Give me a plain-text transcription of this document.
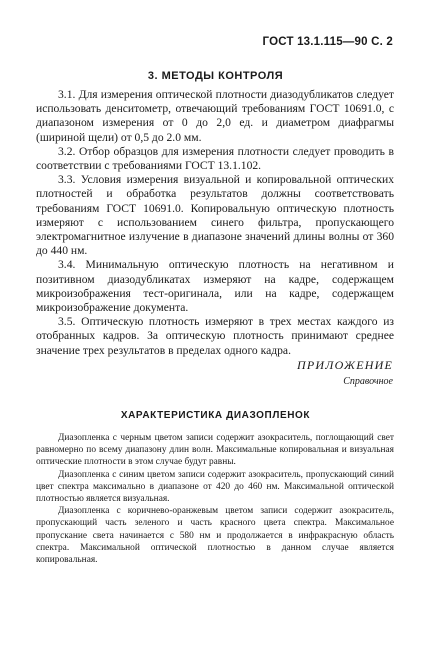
ГОСТ 13.1.115—90 С. 2
3. МЕТОДЫ КОНТРОЛЯ

3.1. Для измерения оптической плотности диазодубликатов следует использовать денситометр, отвечающий требованиям ГОСТ 10691.0, с диапазоном измерения от 0 до 2,0 ед. и диаметром диафрагмы (шириной щели) от 0,5 до 2.0 мм.

3.2. Отбор образцов для измерения плотности следует проводить в соответствии с требованиями ГОСТ 13.1.102.

3.3. Условия измерения визуальной и копировальной оптических плотностей и обработка результатов должны соответствовать требованиям ГОСТ 10691.0. Копировальную оптическую плотность измеряют с использованием синего фильтра, пропускающего электромагнитное излучение в диапазоне значений длины волны от 360 до 440 нм.

3.4. Минимальную оптическую плотность на негативном и позитивном диазодубликатах измеряют на кадре, содержащем микроизображения тест-оригинала, или на кадре, содержащем микроизображение документа.

3.5. Оптическую плотность измеряют в трех местах каждого из отобранных кадров. За оптическую плотность принимают среднее значение трех результатов в пределах одного кадра.

ПРИЛОЖЕНИЕ
Справочное
ХАРАКТЕРИСТИКА ДИАЗОПЛЕНОК

Диазопленка с черным цветом записи содержит азокраситель, поглощающий свет равномерно по всему диапазону длин волн. Максимальные копировальная и визуальная оптические плотности в этом случае будут равны.

Диазопленка с синим цветом записи содержит азокраситель, пропускающий синий цвет спектра максимально в диапазоне от 420 до 460 нм. Максимальной оптической плотностью является визуальная.

Диазопленка с коричнево-оранжевым цветом записи содержит азокраситель, пропускающий часть зеленого и часть красного цвета спектра. Максимальное пропускание света начинается с 580 нм и продолжается в инфракрасную область спектра. Максимальной оптической плотностью в данном случае является копировальная.
